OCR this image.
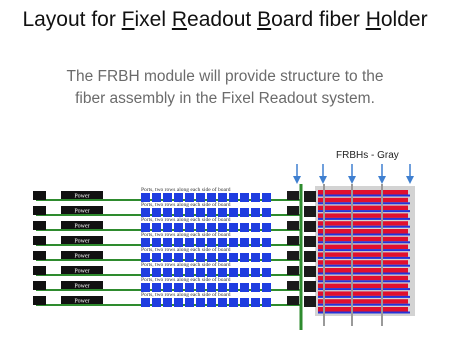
Layout for Fixel Readout Board fiber Holder
The FRBH module will provide structure to the fiber assembly in the Fixel Readout system.
FRBHs - Gray
IO	Power
Ports, two rows along each side of board
IO	Power
Ports, two rows along each side of board
IO	Power
Ports, two rows along each side of board
IO	Power
Ports, two rows along each side of board
IO	Power
Ports, two rows along each side of board
IO	Power
Ports, two rows along each side of board
IO	Power
Ports, two rows along each side of board
IO	Power
Ports, two rows along each side of board
